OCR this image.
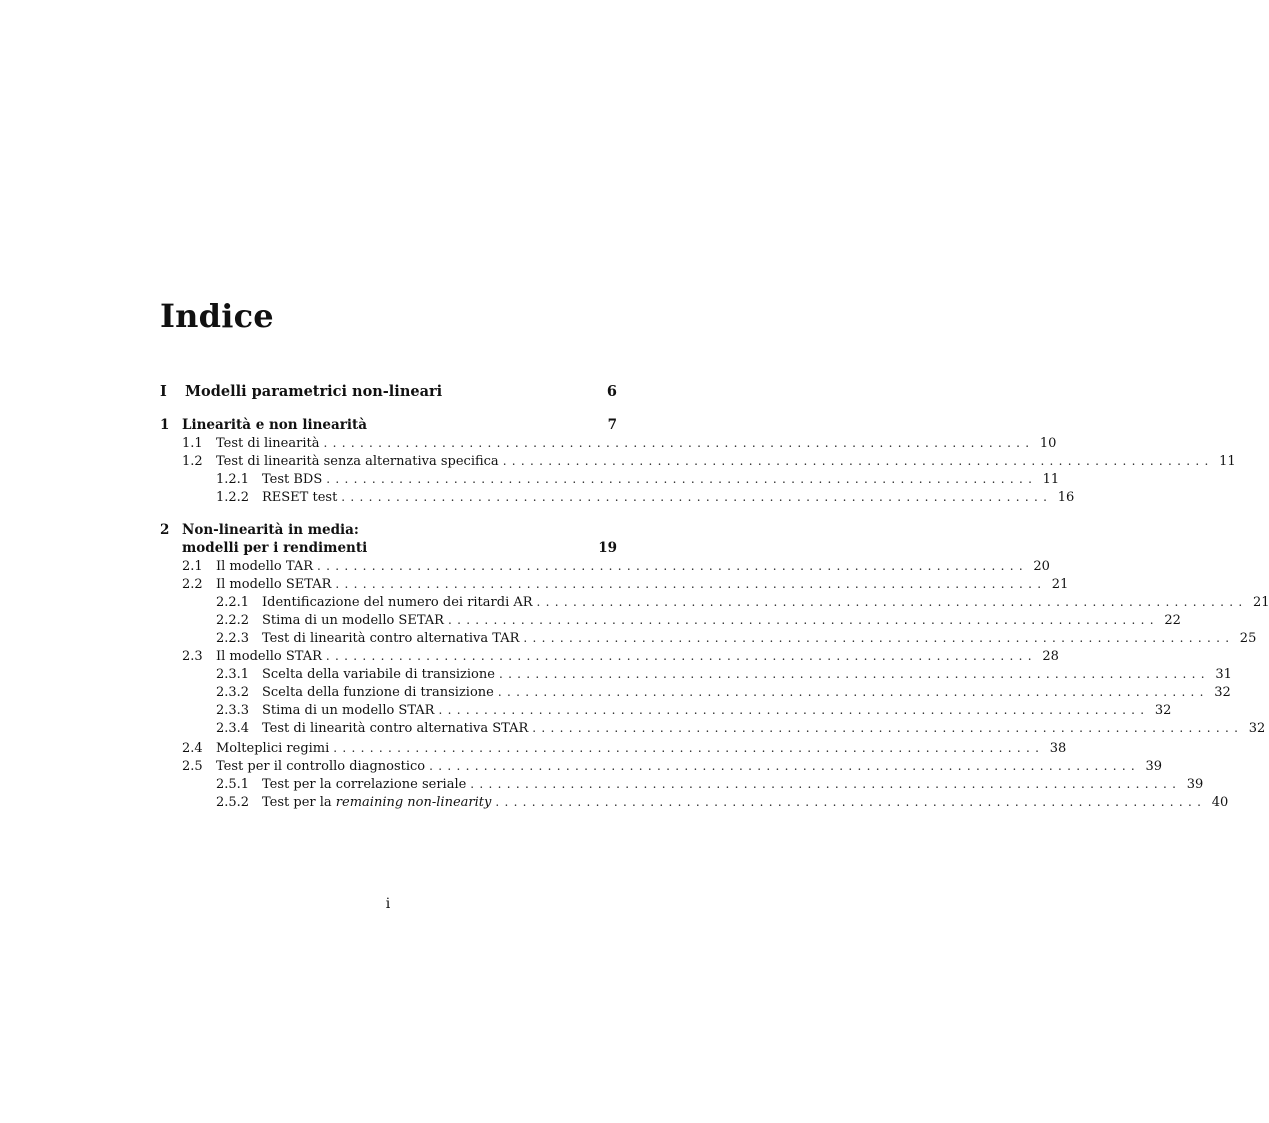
Indice
I	Modelli parametrici non-lineari	6
1 Linearità e non linearità	7
1.1	Test di linearità .............................................................................. 10
1.2	Test di linearità senza alternativa specifica .............................................................................. 11
1.2.1 Test BDS .............................................................................. 11
1.2.2 RESET test .............................................................................. 16
2 Non-linearità in media:
modelli per i rendimenti	19
2.1	Il modello TAR .............................................................................. 20
2.2	Il modello SETAR .............................................................................. 21
2.2.1 Identificazione del numero dei ritardi AR .............................................................................. 21
2.2.2 Stima di un modello SETAR .............................................................................. 22
2.2.3 Test di linearità contro alternativa TAR .............................................................................. 25
2.3	Il modello STAR .............................................................................. 28
2.3.1 Scelta della variabile di transizione .............................................................................. 31
2.3.2 Scelta della funzione di transizione .............................................................................. 32
2.3.3 Stima di un modello STAR .............................................................................. 32
2.3.4 Test di linearità contro alternativa STAR .............................................................................. 32
2.4	Molteplici regimi .............................................................................. 38
2.5	Test per il controllo diagnostico .............................................................................. 39
2.5.1 Test per la correlazione seriale .............................................................................. 39
2.5.2 Test per la remaining non-linearity .............................................................................. 40
i
